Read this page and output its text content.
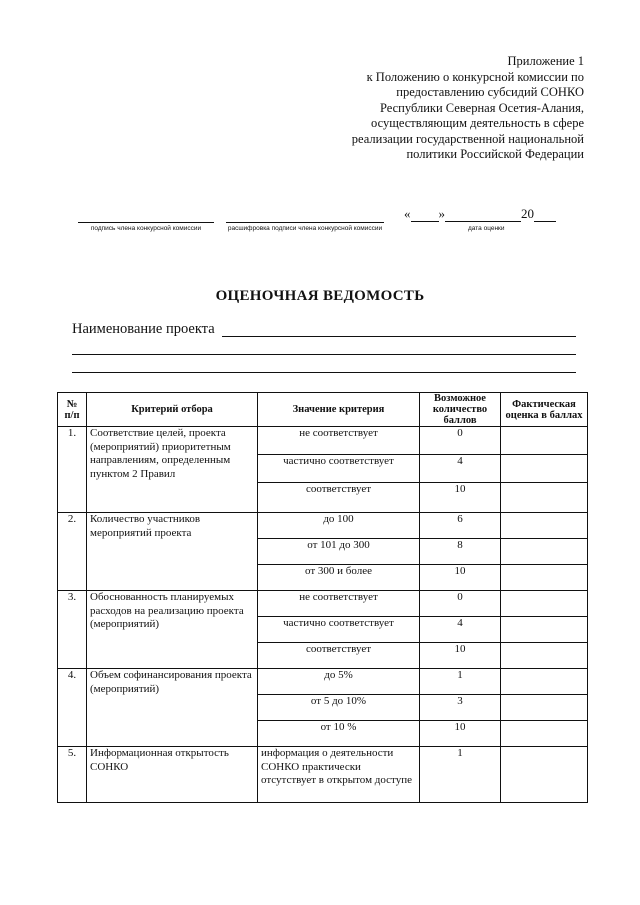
Приложение 1
к Положению о конкурсной комиссии по
предоставлению субсидий СОНКО
Республики Северная Осетия-Алания,
осуществляющим деятельность в сфере
реализации государственной национальной
политики Российской Федерации
подпись члена конкурсной комиссии	расшифровка подписи члена конкурсной комиссии
« »	20
дата оценки
ОЦЕНОЧНАЯ ВЕДОМОСТЬ
Наименование проекта
№ п/п	Критерий отбора	Значение критерия	Возможное количество баллов	Фактическая оценка в баллах
1.	Соответствие целей, проекта (мероприятий) приоритетным направлениям, определенным пунктом 2 Правил	не соответствует	0	
		частично соответствует	4	
		соответствует	10	
2.	Количество участников мероприятий проекта	до 100	6	
		от 101 до 300	8	
		от 300 и более	10	
3.	Обоснованность планируемых расходов на реализацию проекта (мероприятий)	не соответствует	0	
		частично соответствует	4	
		соответствует	10	
4.	Объем софинансирования проекта (мероприятий)	до 5%	1	
		от 5 до 10%	3	
		от 10 %	10	
5.	Информационная открытость СОНКО	информация о деятельности СОНКО практически отсутствует в открытом доступе	1	
